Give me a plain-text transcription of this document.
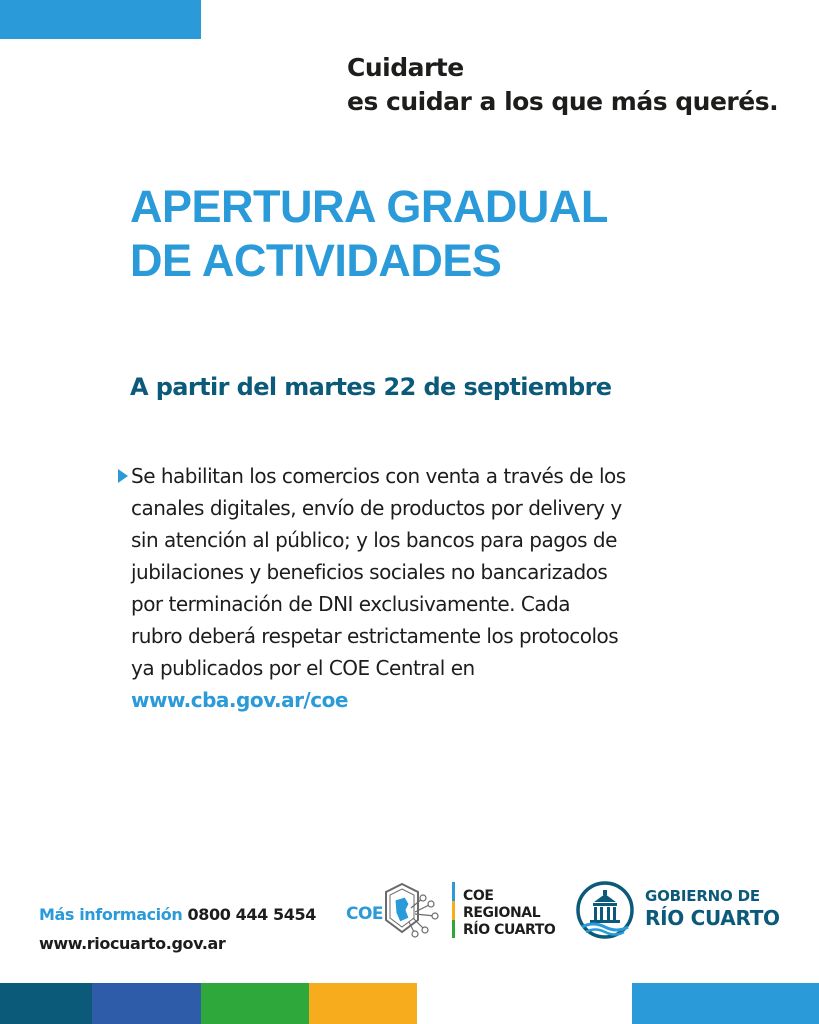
Cuidarte
es cuidar a los que más querés.
APERTURA GRADUAL
DE ACTIVIDADES
A partir del martes 22 de septiembre
Se habilitan los comercios con venta a través de los
canales digitales, envío de productos por delivery y
sin atención al público; y los bancos para pagos de
jubilaciones y beneficios sociales no bancarizados
por terminación de DNI exclusivamente. Cada
rubro deberá respetar estrictamente los protocolos
ya publicados por el COE Central en
www.cba.gov.ar/coe
Más información 0800 444 5454
www.riocuarto.gov.ar
COE
COE
REGIONAL
RÍO CUARTO
GOBIERNO DE
RÍO CUARTO
